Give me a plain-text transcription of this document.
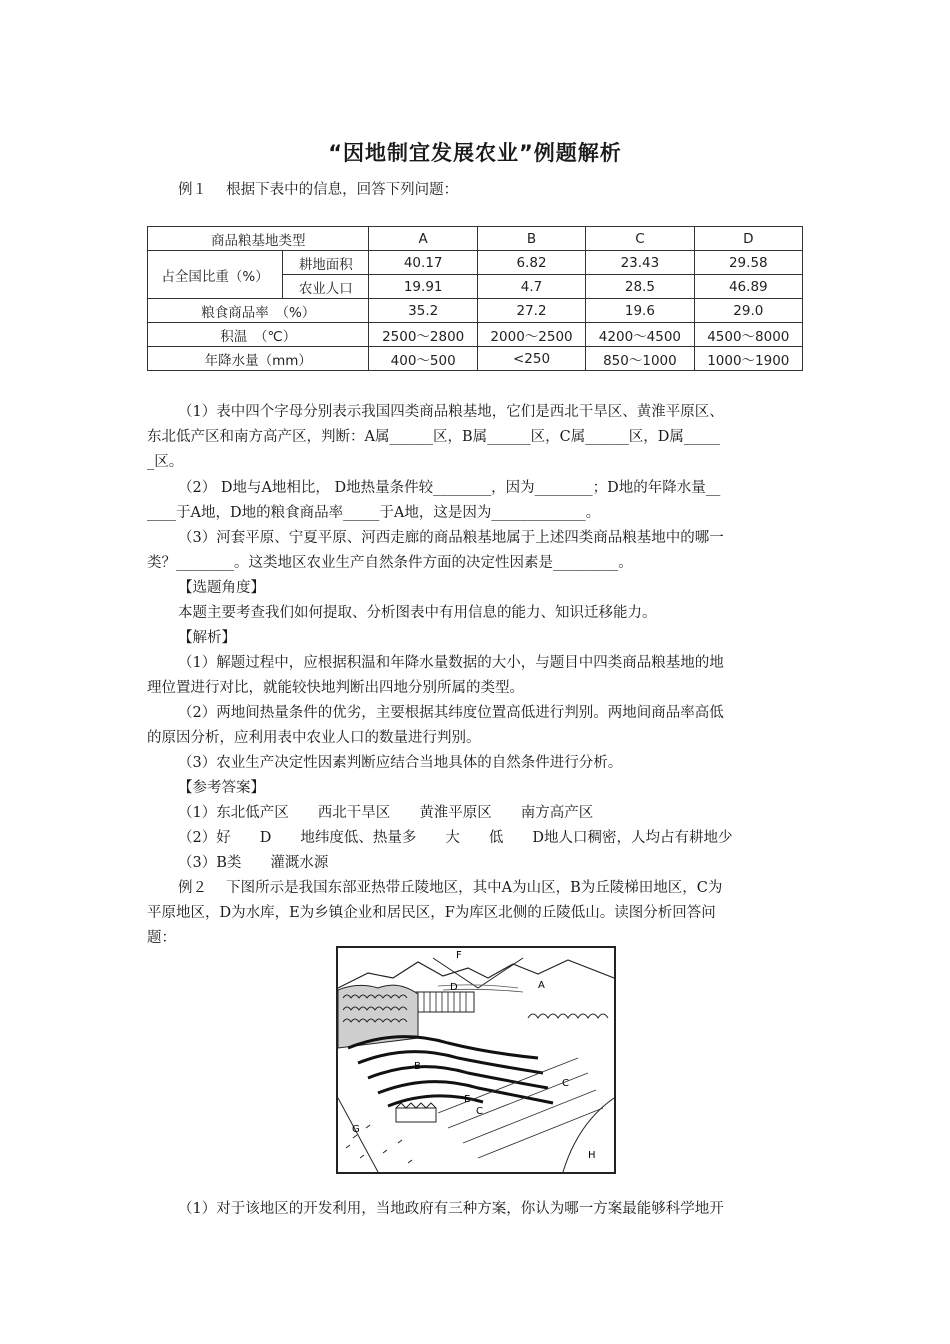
“因地制宜发展农业”例题解析
例１　 根据下表中的信息，回答下列问题：
商品粮基地类型		A	B	C	D
占全国比重（%）	耕地面积	40.17	6.82	23.43	29.58
	农业人口	19.91	4.7	28.5	46.89
粮食商品率　（%）		35.2	27.2	19.6	29.0
积温　（℃）		2500～2800	2000～2500	4200～4500	4500～8000
年降水量（mm）		400～500	<250	850～1000	1000～1900
（1）表中四个字母分别表示我国四类商品粮基地，它们是西北干旱区、黄淮平原区、
东北低产区和南方高产区，判断：A属______区，B属______区，C属______区，D属_____
_区。
（2） D地与A地相比， D地热量条件较________，因为________；D地的年降水量__
____于A地，D地的粮食商品率_____于A地，这是因为_____________。
（3）河套平原、宁夏平原、河西走廊的商品粮基地属于上述四类商品粮基地中的哪一
类？________。这类地区农业生产自然条件方面的决定性因素是_________。
【选题角度】
本题主要考查我们如何提取、分析图表中有用信息的能力、知识迁移能力。
【解析】
（1）解题过程中，应根据积温和年降水量数据的大小，与题目中四类商品粮基地的地
理位置进行对比，就能较快地判断出四地分别所属的类型。
（2）两地间热量条件的优劣，主要根据其纬度位置高低进行判别。两地间商品率高低
的原因分析，应利用表中农业人口的数量进行判别。
（3）农业生产决定性因素判断应结合当地具体的自然条件进行分析。
【参考答案】
（1）东北低产区　　西北干旱区　　黄淮平原区　　南方高产区
（2）好　　D　　地纬度低、热量多　　大　　低　　D地人口稠密，人均占有耕地少
（3）B类　　灌溉水源
例２　 下图所示是我国东部亚热带丘陵地区，其中A为山区，B为丘陵梯田地区，C为
平原地区，D为水库，E为乡镇企业和居民区，F为库区北侧的丘陵低山。读图分析回答问
题：
F
D	A
B
C
C
E
G
H
（1）对于该地区的开发利用，当地政府有三种方案，你认为哪一方案最能够科学地开
